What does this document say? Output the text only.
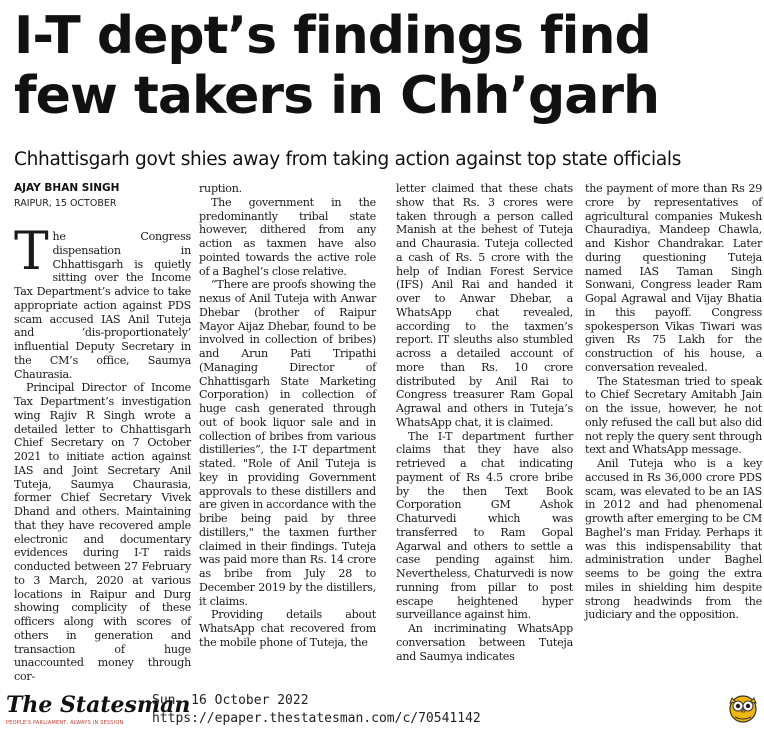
I-T dept’s findings find
few takers in Chh’garh
Chhattisgarh govt shies away from taking action against top state officials
AJAY BHAN SINGH
RAIPUR, 15 OCTOBER

The Congress dispensation in Chhattisgarh is quietly sitting over the Income Tax Department’s advice to take appropriate action against PDS scam accused IAS Anil Tuteja and ‘dis-proportionately’ influential Deputy Secretary in the CM’s office, Saumya Chaurasia.

Principal Director of Income Tax Department’s investigation wing Rajiv R Singh wrote a detailed letter to Chhattisgarh Chief Secretary on 7 October 2021 to initiate action against IAS and Joint Secretary Anil Tuteja, Saumya Chaurasia, former Chief Secretary Vivek Dhand and others. Maintaining that they have recovered ample electronic and documentary evidences during I-T raids conducted between 27 February to 3 March, 2020 at various locations in Raipur and Durg showing complicity of these officers along with scores of others in generation and transaction of huge unaccounted money through cor-

ruption.

The government in the predominantly tribal state however, dithered from any action as taxmen have also pointed towards the active role of a Baghel’s close relative.

“There are proofs showing the nexus of Anil Tuteja with Anwar Dhebar (brother of Raipur Mayor Aijaz Dhebar, found to be involved in collection of bribes) and Arun Pati Tripathi (Managing Director of Chhattisgarh State Marketing Corporation) in collection of huge cash generated through out of book liquor sale and in collection of bribes from various distilleries”, the I-T department stated. "Role of Anil Tuteja is key in providing Government approvals to these distillers and are given in accordance with the bribe being paid by three distillers," the taxmen further claimed in their findings. Tuteja was paid more than Rs. 14 crore as bribe from July 28 to December 2019 by the distillers, it claims.

Providing details about WhatsApp chat recovered from the mobile phone of Tuteja, the

letter claimed that these chats show that Rs. 3 crores were taken through a person called Manish at the behest of Tuteja and Chaurasia. Tuteja collected a cash of Rs. 5 crore with the help of Indian Forest Service (IFS) Anil Rai and handed it over to Anwar Dhebar, a WhatsApp chat revealed, according to the taxmen’s report. IT sleuths also stumbled across a detailed account of more than Rs. 10 crore distributed by Anil Rai to Congress treasurer Ram Gopal Agrawal and others in Tuteja’s WhatsApp chat, it is claimed.

The I-T department further claims that they have also retrieved a chat indicating payment of Rs 4.5 crore bribe by the then Text Book Corporation GM Ashok Chaturvedi which was transferred to Ram Gopal Agarwal and others to settle a case pending against him. Nevertheless, Chaturvedi is now running from pillar to post escape heightened hyper surveillance against him.

An incriminating WhatsApp conversation between Tuteja and Saumya indicates

the payment of more than Rs 29 crore by representatives of agricultural companies Mukesh Chauradiya, Mandeep Chawla, and Kishor Chandrakar. Later during questioning Tuteja named IAS Taman Singh Sonwani, Congress leader Ram Gopal Agrawal and Vijay Bhatia in this payoff. Congress spokesperson Vikas Tiwari was given Rs 75 Lakh for the construction of his house, a conversation revealed.

The Statesman tried to speak to Chief Secretary Amitabh Jain on the issue, however, he not only refused the call but also did not reply the query sent through text and WhatsApp message.

Anil Tuteja who is a key accused in Rs 36,000 crore PDS scam, was elevated to be an IAS in 2012 and had phenomenal growth after emerging to be CM Baghel’s man Friday. Perhaps it was this indispensability that administration under Baghel seems to be going the extra miles in shielding him despite strong headwinds from the judiciary and the opposition.

The Statesman
PEOPLE'S PARLIAMENT, ALWAYS IN SESSION
Sun, 16 October 2022
https://epaper.thestatesman.com/c/70541142
